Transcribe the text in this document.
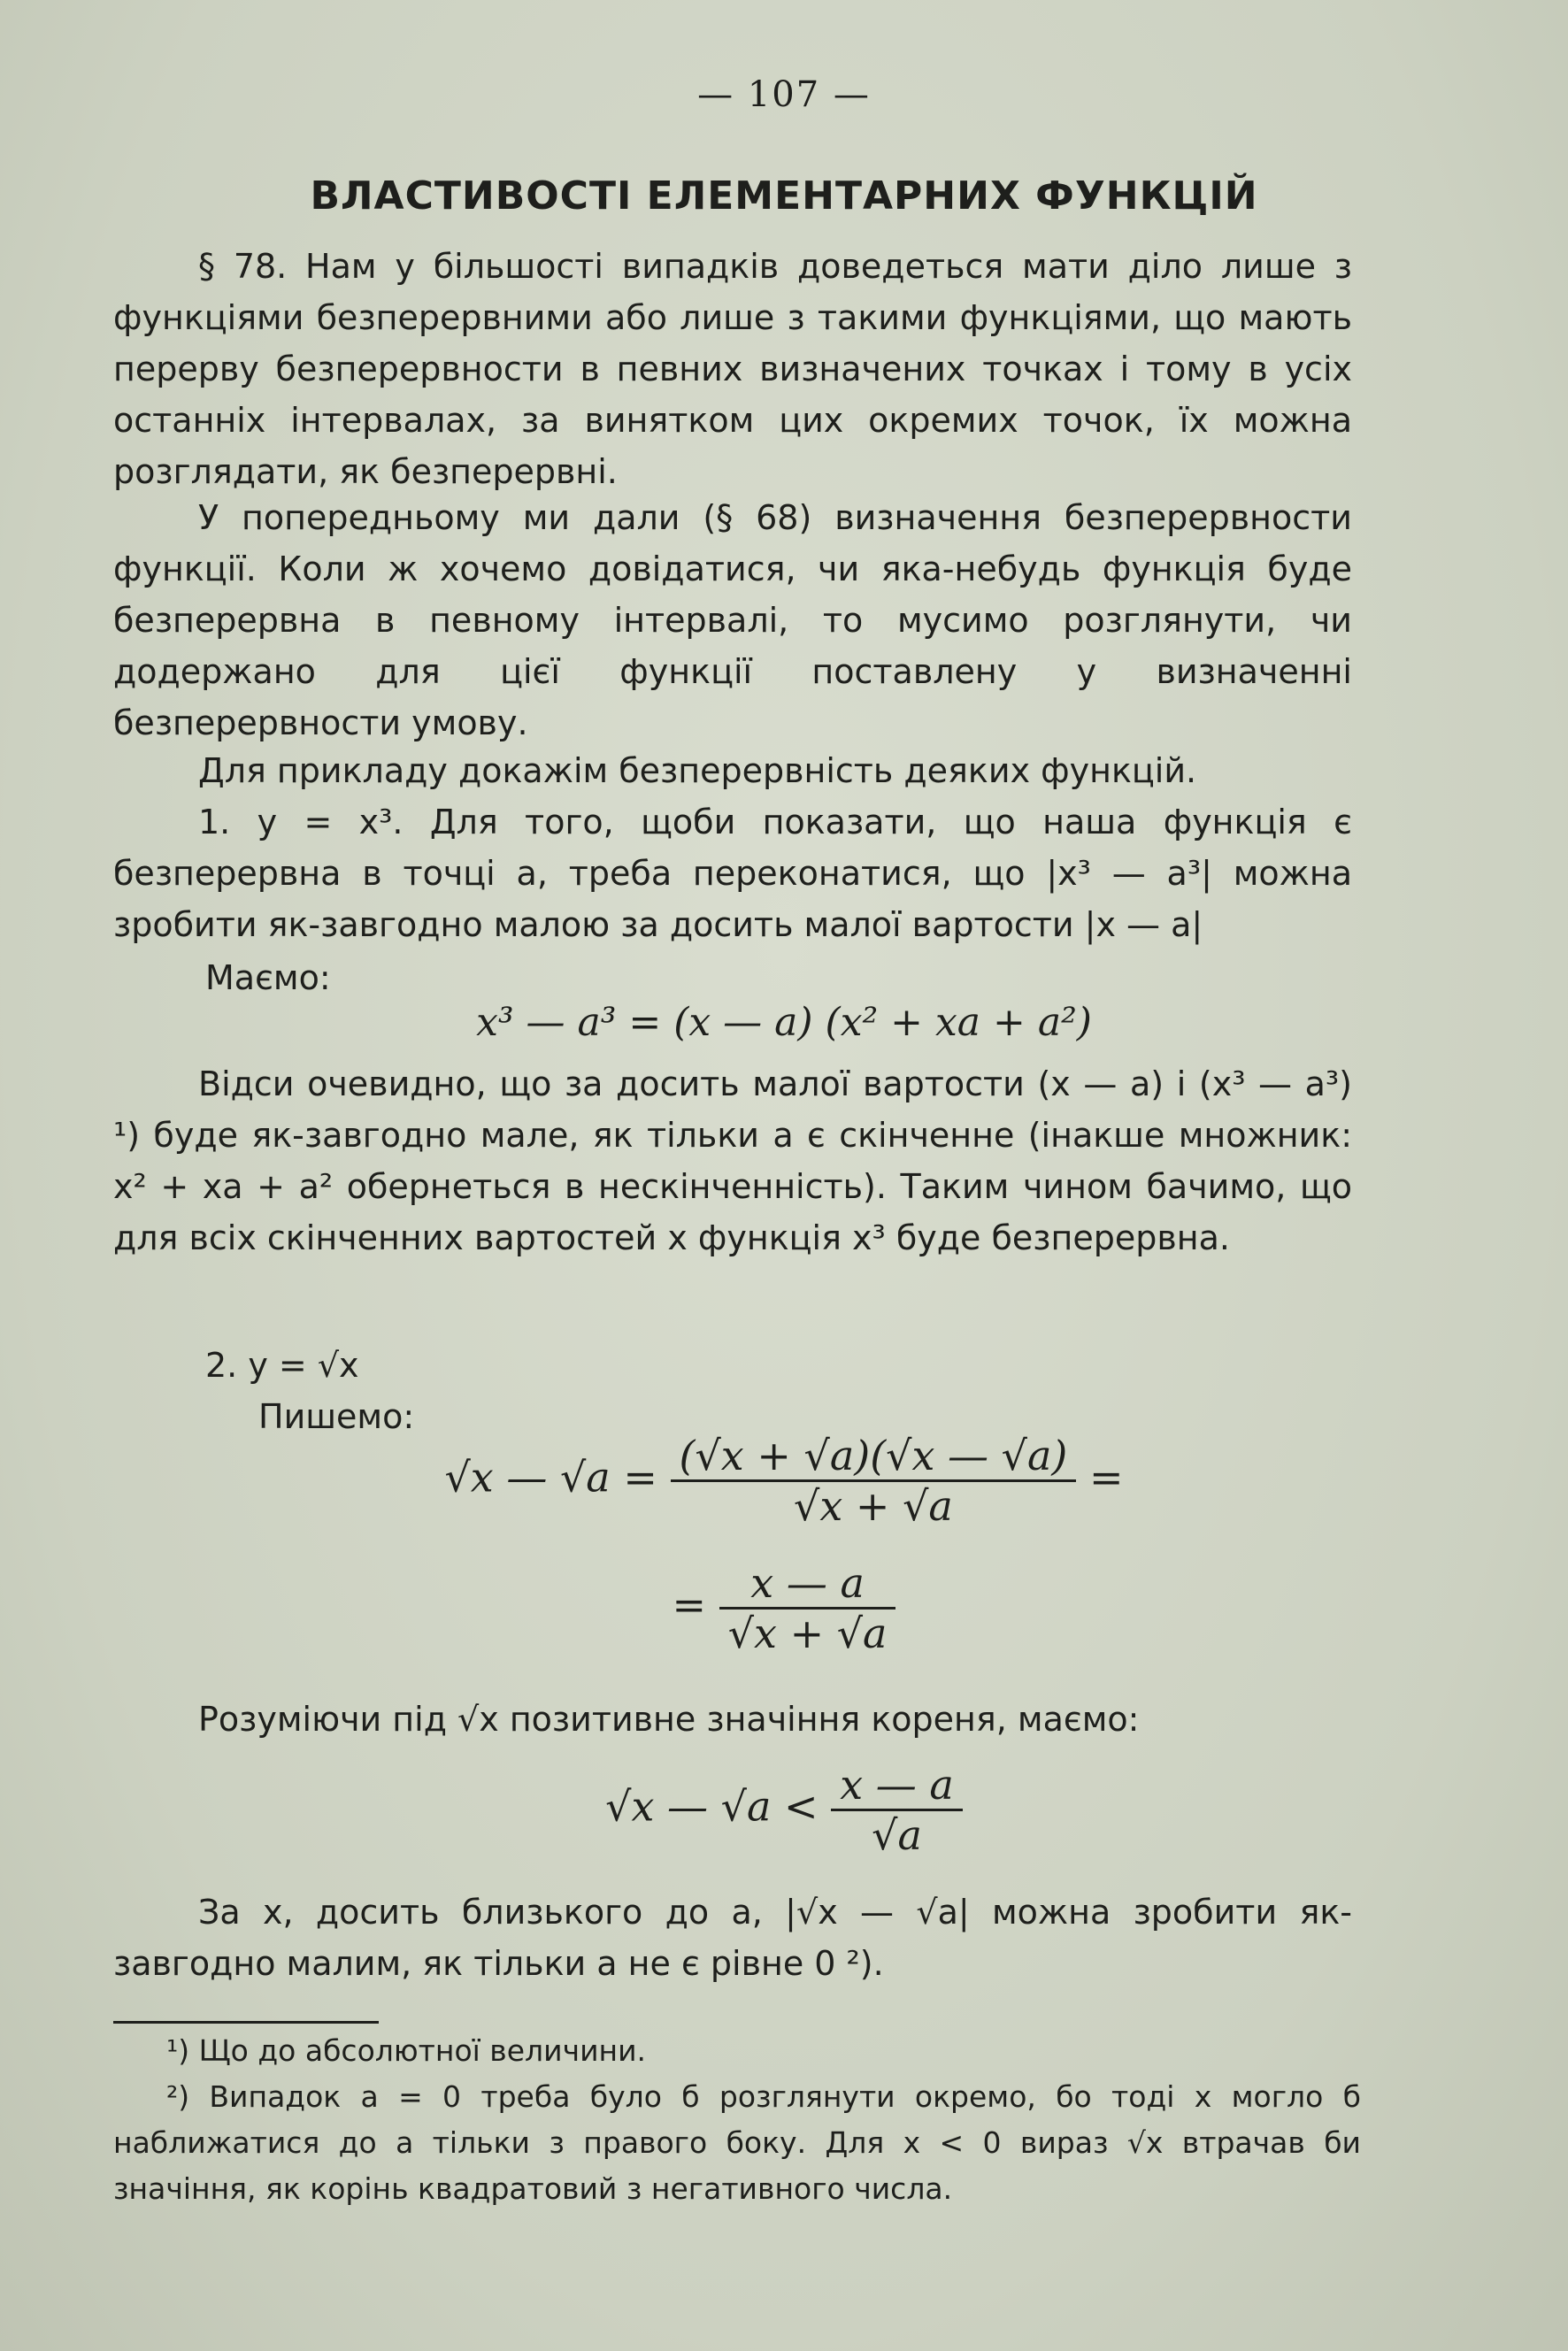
— 107 —
ВЛАСТИВОСТІ ЕЛЕМЕНТАРНИХ ФУНКЦІЙ

§ 78. Нам у більшості випадків доведеться мати діло лише з функціями безперервними або лише з такими функціями, що мають перерву безперервности в певних визначених точках і тому в усіх останніх інтервалах, за винятком цих окремих точок, їх можна розглядати, як безперервні.

У попередньому ми дали (§ 68) визначення безперервности функції. Коли ж хочемо довідатися, чи яка-небудь функція буде безперервна в певному інтервалі, то мусимо розглянути, чи додержано для цієї функції поставлену у визначенні безперервности умову.

Для прикладу докажім безперервність деяких функцій.

1. y = x³. Для того, щоби показати, що наша функція є безперервна в точці a, треба переконатися, що |x³ — a³| можна зробити як-завгодно малою за досить малої вартости |x — a|

Маємо:
x³ — a³ = (x — a) (x² + xa + a²)

Відси очевидно, що за досить малої вартости (x — a) і (x³ — a³) ¹) буде як-завгодно мале, як тільки a є скінченне (інакше множник: x² + xa + a² обернеться в нескінченність). Таким чином бачимо, що для всіх скінченних вартостей x функція x³ буде безперервна.

2. y = √x
Пишемо:
√x — $√a = \frac{(√x + √a)(√x — √a)}{√x + √a}$ =
= $\frac{x — a}{√x + √a}$

Розуміючи під √x позитивне значіння кореня, маємо:

√x — $√a < \frac{x — a}{√a}$

За x, досить близького до a, |√x — √a| можна зробити як-завгодно малим, як тільки a не є рівне 0 ²).

¹) Що до абсолютної величини.
²) Випадок a = 0 треба було б розглянути окремо, бо тоді x могло б наближатися до a тільки з правого боку. Для x < 0 вираз √x втрачав би значіння, як корінь квадратовий з негативного числа.
